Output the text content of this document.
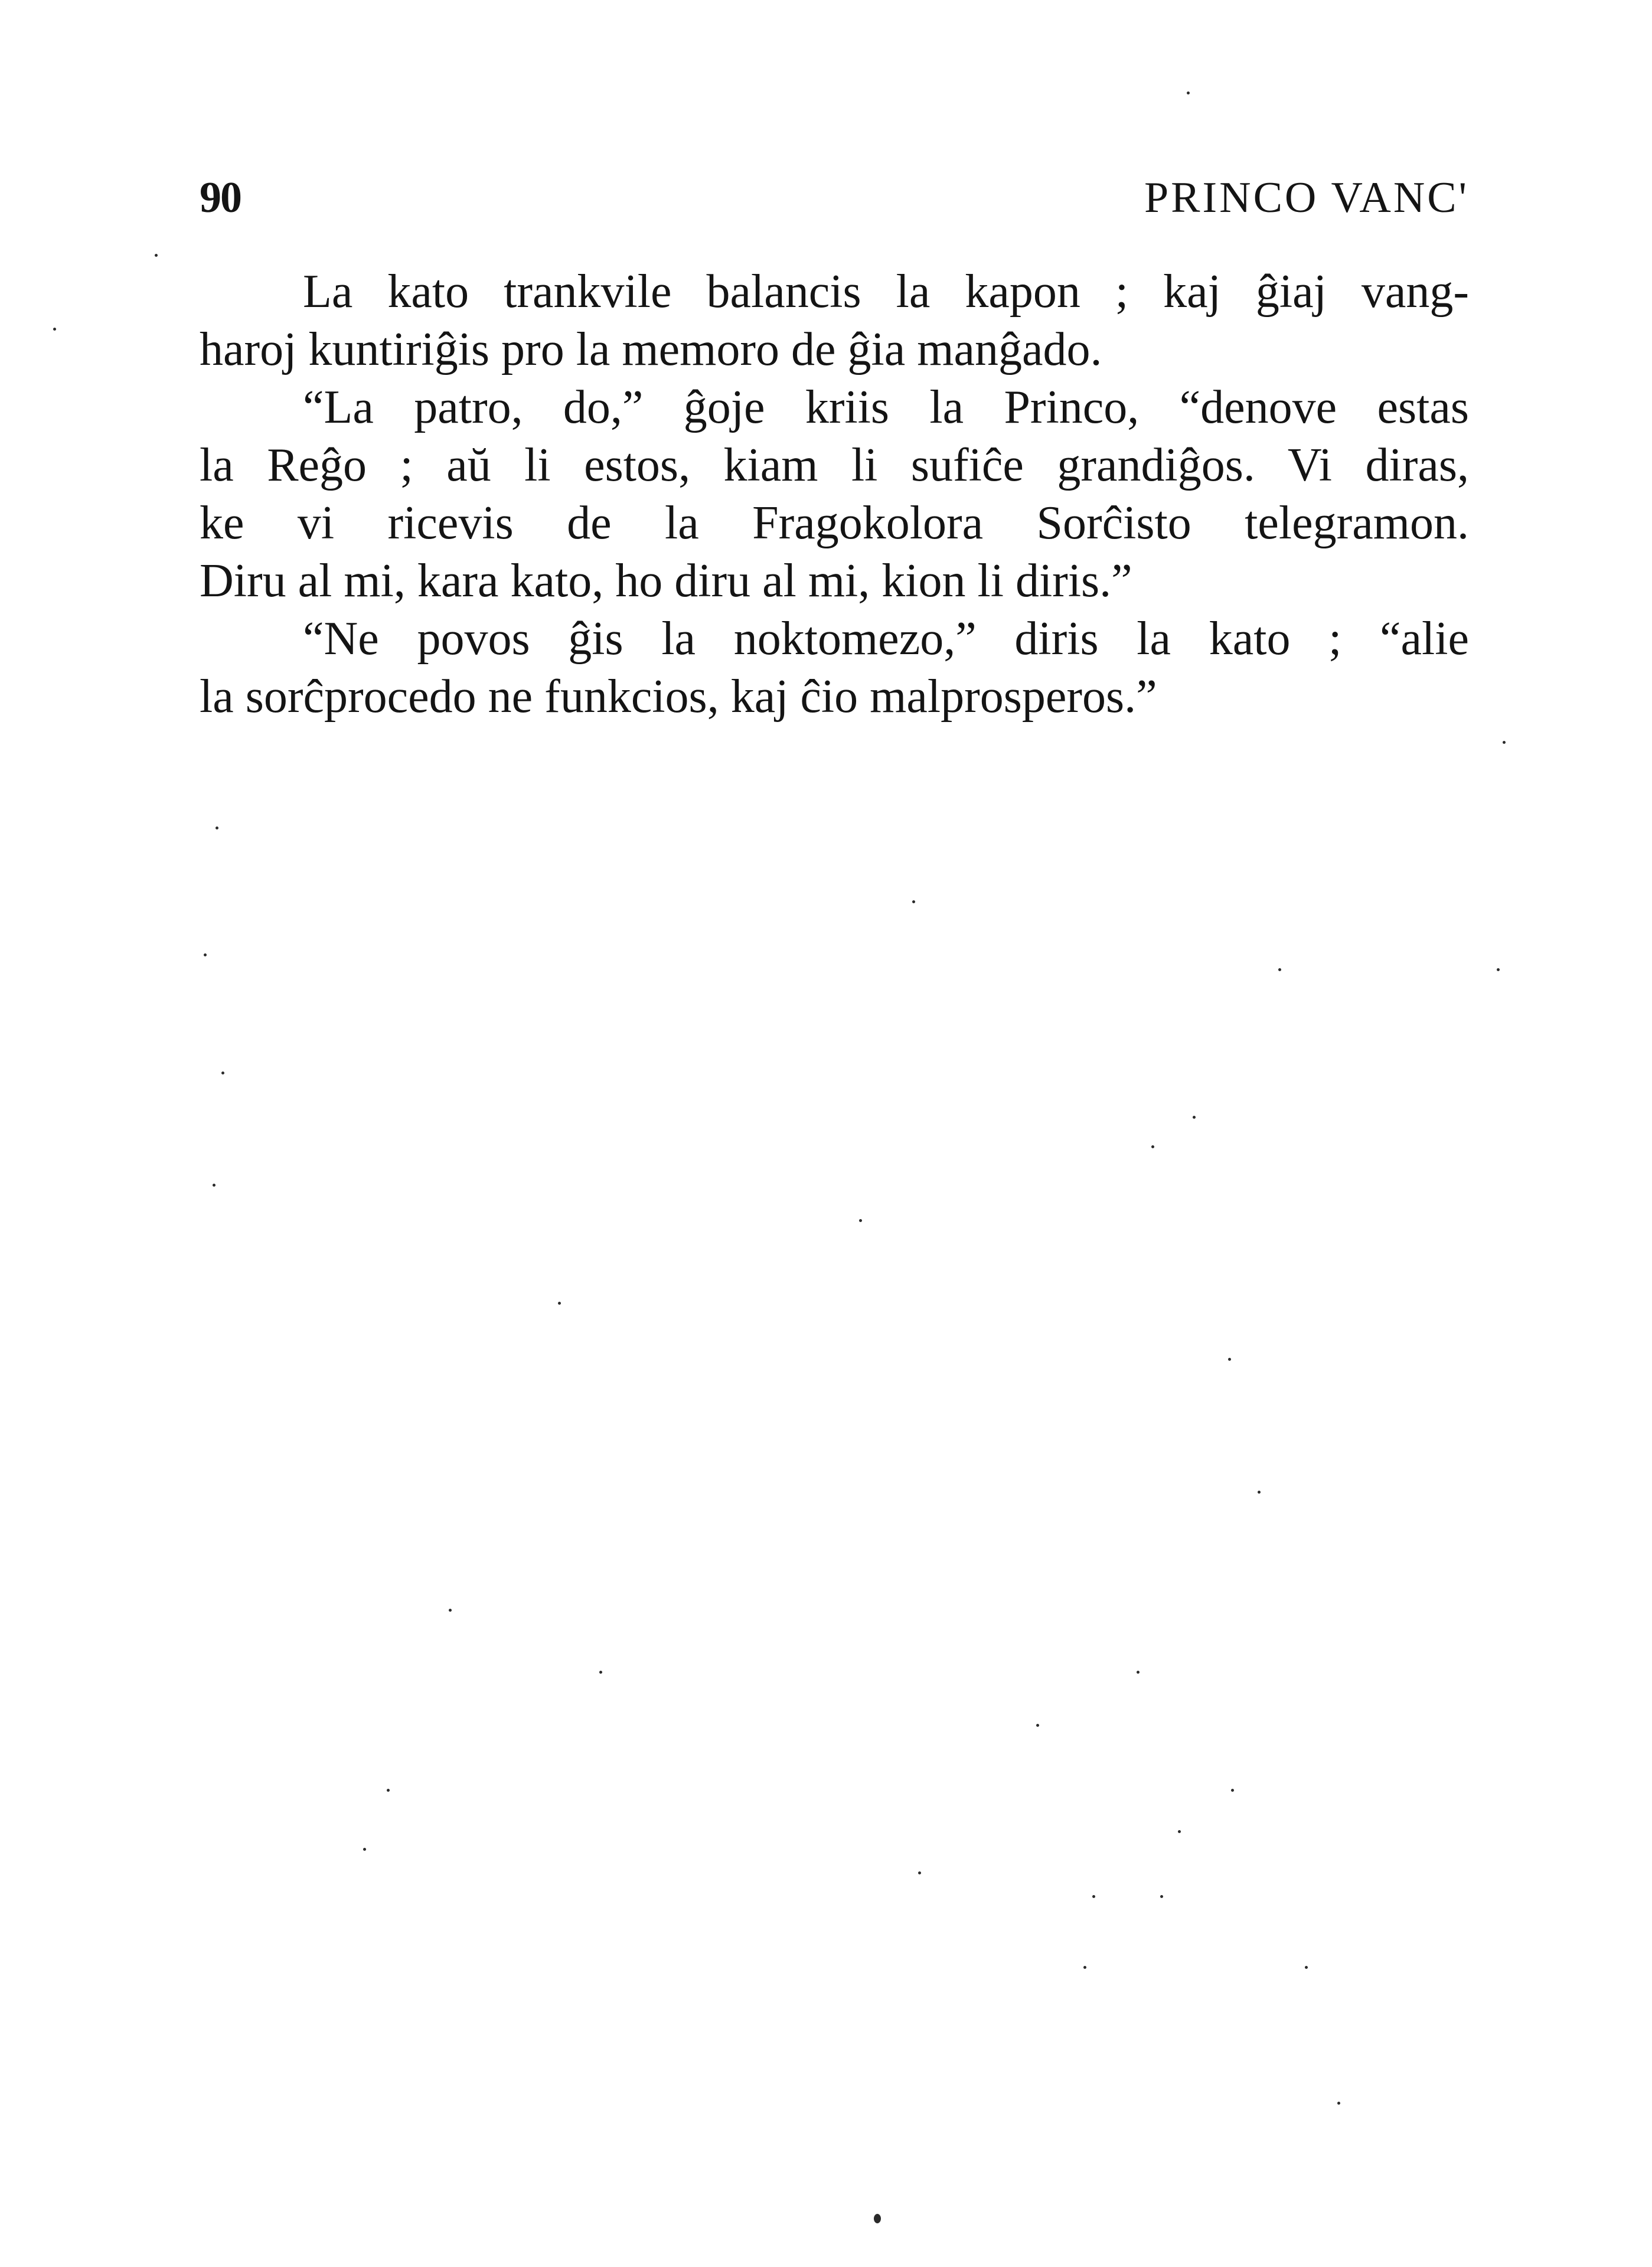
90	PRINCO VANC'
La kato trankvile balancis la kapon ; kaj ĝiaj vang-
haroj kuntiriĝis pro la memoro de ĝia manĝado.
“La patro, do,” ĝoje kriis la Princo, “denove estas
la Reĝo ; aŭ li estos, kiam li sufiĉe grandiĝos. Vi diras,
ke vi ricevis de la Fragokolora Sorĉisto telegramon.
Diru al mi, kara kato, ho diru al mi, kion li diris.”
“Ne povos ĝis la noktomezo,” diris la kato ; “alie
la sorĉprocedo ne funkcios, kaj ĉio malprosperos.”
